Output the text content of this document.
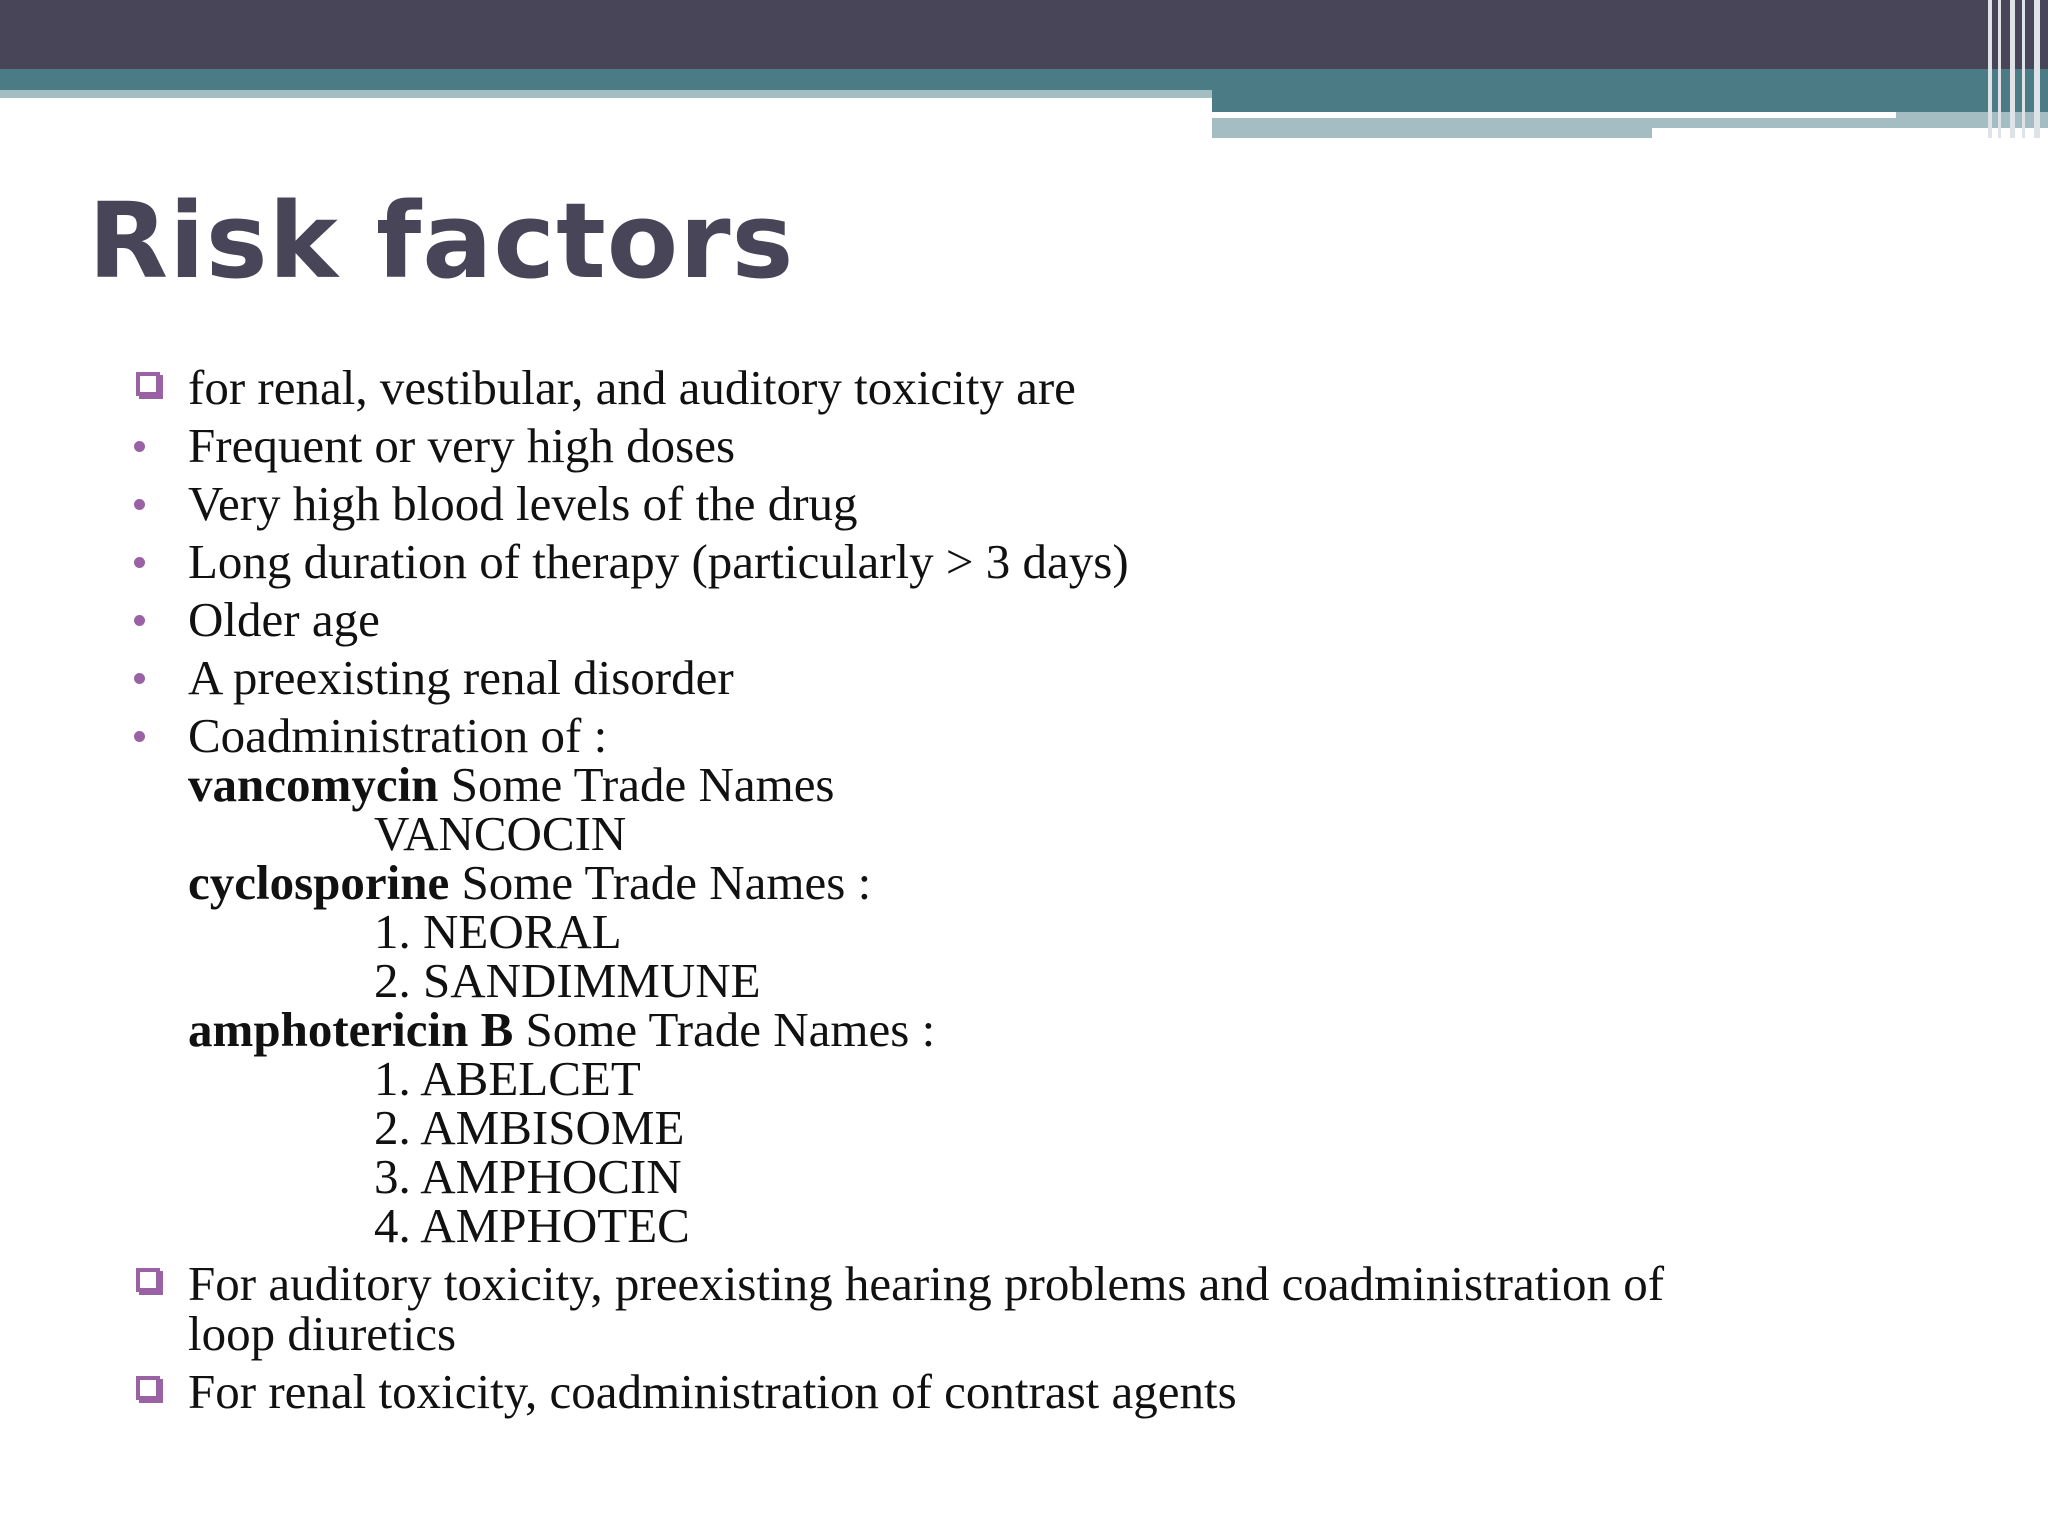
Risk factors
for renal, vestibular, and auditory toxicity are
Frequent or very high doses
Very high blood levels of the drug
Long duration of therapy (particularly > 3 days)
Older age
A preexisting renal disorder
Coadministration of :
vancomycin Some Trade Names
VANCOCIN
cyclosporine Some Trade Names :
1. NEORAL
2. SANDIMMUNE
amphotericin B Some Trade Names :
1. ABELCET
2. AMBISOME
3. AMPHOCIN
4. AMPHOTEC
For auditory toxicity, preexisting hearing problems and coadministration of
loop diuretics
For renal toxicity, coadministration of contrast agents
